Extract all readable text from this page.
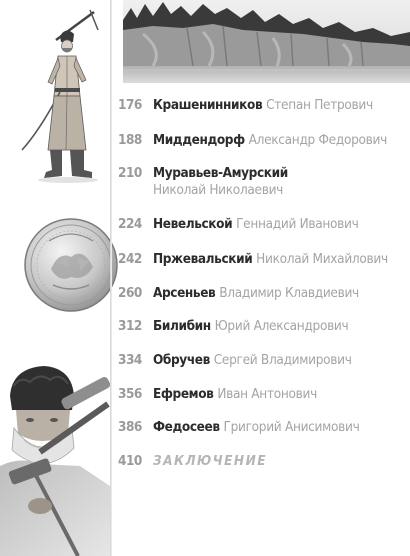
176 Крашенинников Степан Петрович
188 Миддендорф Александр Федорович
210 Муравьев-Амурский
Николай Николаевич
224 Невельской Геннадий Иванович
242 Пржевальский Николай Михайлович
260 Арсеньев Владимир Клавдиевич
312 Билибин Юрий Александрович
334 Обручев Сергей Владимирович
356 Ефремов Иван Антонович
386 Федосеев Григорий Анисимович
410 ЗАКЛЮЧЕНИЕ
